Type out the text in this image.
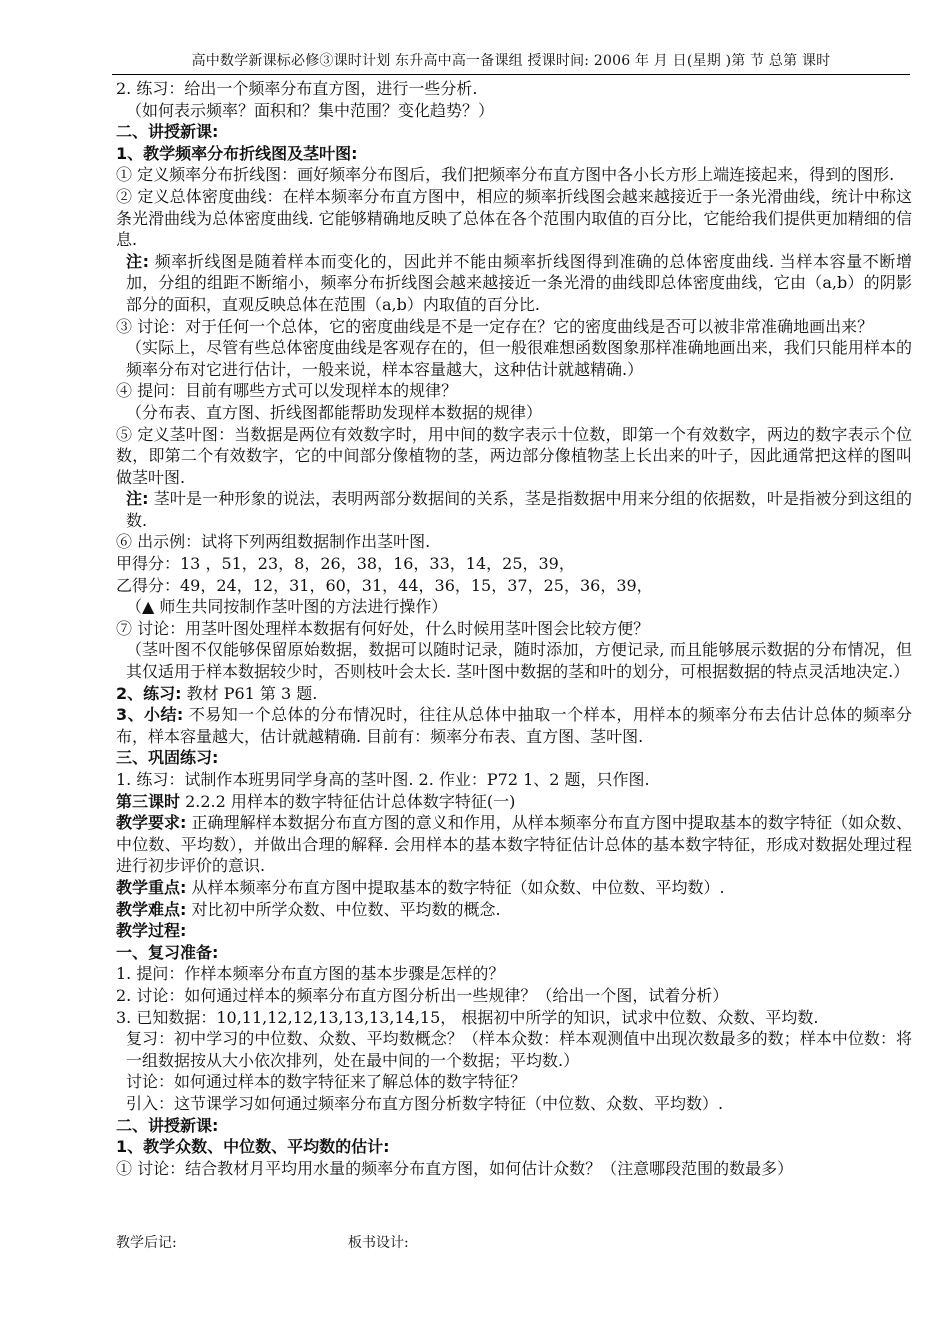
高中数学新课标必修③课时计划 东升高中高一备课组 授课时间: 2006 年 月 日(星期 )第 节 总第 课时

2. 练习：给出一个频率分布直方图，进行一些分析.

（如何表示频率？面积和？集中范围？变化趋势？）

二、讲授新课:

1、教学频率分布折线图及茎叶图:

① 定义频率分布折线图：画好频率分布图后，我们把频率分布直方图中各小长方形上端连接起来，得到的图形.

② 定义总体密度曲线：在样本频率分布直方图中，相应的频率折线图会越来越接近于一条光滑曲线，统计中称这条光滑曲线为总体密度曲线. 它能够精确地反映了总体在各个范围内取值的百分比，它能给我们提供更加精细的信息.

注: 频率折线图是随着样本而变化的，因此并不能由频率折线图得到准确的总体密度曲线. 当样本容量不断增加，分组的组距不断缩小，频率分布折线图会越来越接近一条光滑的曲线即总体密度曲线，它由（a,b）的阴影部分的面积，直观反映总体在范围（a,b）内取值的百分比.

③ 讨论：对于任何一个总体，它的密度曲线是不是一定存在？它的密度曲线是否可以被非常准确地画出来？

（实际上，尽管有些总体密度曲线是客观存在的，但一般很难想函数图象那样准确地画出来，我们只能用样本的频率分布对它进行估计，一般来说，样本容量越大，这种估计就越精确.）

④ 提问：目前有哪些方式可以发现样本的规律？

（分布表、直方图、折线图都能帮助发现样本数据的规律）

⑤ 定义茎叶图：当数据是两位有效数字时，用中间的数字表示十位数，即第一个有效数字，两边的数字表示个位数，即第二个有效数字，它的中间部分像植物的茎，两边部分像植物茎上长出来的叶子，因此通常把这样的图叫做茎叶图.

注: 茎叶是一种形象的说法，表明两部分数据间的关系，茎是指数据中用来分组的依据数，叶是指被分到这组的数.

⑥ 出示例：试将下列两组数据制作出茎叶图.

甲得分：13 ，51，23，8，26，38，16，33，14，25，39，

乙得分：49，24，12，31，60，31，44，36，15，37，25，36，39，

（▲ 师生共同按制作茎叶图的方法进行操作）

⑦ 讨论：用茎叶图处理样本数据有何好处，什么时候用茎叶图会比较方便？

（茎叶图不仅能够保留原始数据，数据可以随时记录，随时添加，方便记录, 而且能够展示数据的分布情况，但其仅适用于样本数据较少时，否则枝叶会太长. 茎叶图中数据的茎和叶的划分，可根据数据的特点灵活地决定.）

2、练习: 教材 P61 第 3 题.

3、小结: 不易知一个总体的分布情况时，往往从总体中抽取一个样本，用样本的频率分布去估计总体的频率分布，样本容量越大，估计就越精确. 目前有：频率分布表、直方图、茎叶图.

三、巩固练习:

1. 练习：试制作本班男同学身高的茎叶图. 2. 作业：P72 1、2 题，只作图.

第三课时 2.2.2 用样本的数字特征估计总体数字特征(一)

教学要求: 正确理解样本数据分布直方图的意义和作用，从样本频率分布直方图中提取基本的数字特征（如众数、中位数、平均数），并做出合理的解释. 会用样本的基本数字特征估计总体的基本数字特征，形成对数据处理过程进行初步评价的意识.

教学重点: 从样本频率分布直方图中提取基本的数字特征（如众数、中位数、平均数）.

教学难点: 对比初中所学众数、中位数、平均数的概念.

教学过程:

一、复习准备:

1. 提问：作样本频率分布直方图的基本步骤是怎样的？

2. 讨论：如何通过样本的频率分布直方图分析出一些规律？（给出一个图，试着分析）

3. 已知数据：10,11,12,12,13,13,13,14,15， 根据初中所学的知识，试求中位数、众数、平均数.

复习：初中学习的中位数、众数、平均数概念？（样本众数：样本观测值中出现次数最多的数；样本中位数：将一组数据按从大小依次排列，处在最中间的一个数据；平均数.）

讨论：如何通过样本的数字特征来了解总体的数字特征？

引入：这节课学习如何通过频率分布直方图分析数字特征（中位数、众数、平均数）.

二、讲授新课:

1、教学众数、中位数、平均数的估计:

① 讨论：结合教材月平均用水量的频率分布直方图，如何估计众数？（注意哪段范围的数最多）

教学后记:	板书设计:
